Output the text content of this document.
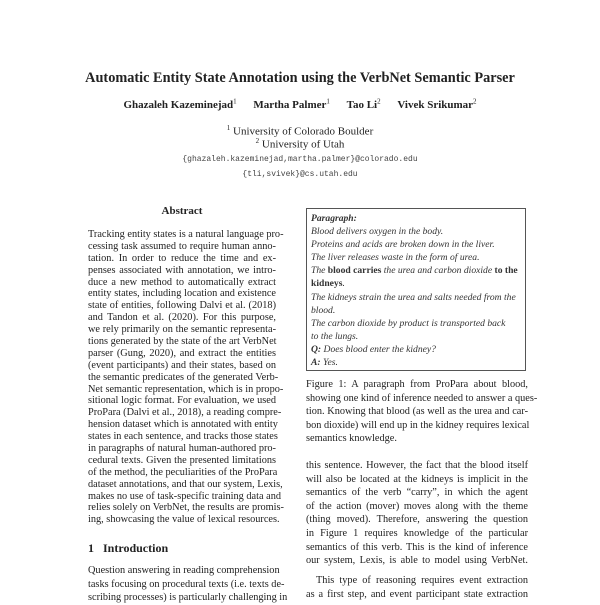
Automatic Entity State Annotation using the VerbNet Semantic Parser
Ghazaleh Kazeminejad$^1$ Martha Palmer$^1$ Tao Li$^2$ Vivek Srikumar$^2$
$^1$ University of Colorado Boulder
$^2$ University of Utah
{ghazaleh.kazeminejad,martha.palmer}@colorado.edu
{tli,svivek}@cs.utah.edu
Abstract
Tracking entity states is a natural language pro-
cessing task assumed to require human anno-
tation. In order to reduce the time and ex-
penses associated with annotation, we intro-
duce a new method to automatically extract
entity states, including location and existence
state of entities, following Dalvi et al. (2018)
and Tandon et al. (2020). For this purpose,
we rely primarily on the semantic representa-
tions generated by the state of the art VerbNet
parser (Gung, 2020), and extract the entities
(event participants) and their states, based on
the semantic predicates of the generated Verb-
Net semantic representation, which is in propo-
sitional logic format. For evaluation, we used
ProPara (Dalvi et al., 2018), a reading compre-
hension dataset which is annotated with entity
states in each sentence, and tracks those states
in paragraphs of natural human-authored pro-
cedural texts. Given the presented limitations
of the method, the peculiarities of the ProPara
dataset annotations, and that our system, Lexis,
makes no use of task-specific training data and
relies solely on VerbNet, the results are promis-
ing, showcasing the value of lexical resources.
1 Introduction
Question answering in reading comprehension
tasks focusing on procedural texts (i.e. texts de-
scribing processes) is particularly challenging in
Paragraph:
Blood delivers oxygen in the body.
Proteins and acids are broken down in the liver.
The liver releases waste in the form of urea.
The blood carries the urea and carbon dioxide to the
kidneys.
The kidneys strain the urea and salts needed from the
blood.
The carbon dioxide by product is transported back
to the lungs.
Q: Does blood enter the kidney?
A: Yes.
Figure 1: A paragraph from ProPara about blood,
showing one kind of inference needed to answer a ques-
tion. Knowing that blood (as well as the urea and car-
bon dioxide) will end up in the kidney requires lexical
semantics knowledge.
this sentence. However, the fact that the blood itself
will also be located at the kidneys is implicit in the
semantics of the verb “carry”, in which the agent
of the action (mover) moves along with the theme
(thing moved). Therefore, answering the question
in Figure 1 requires knowledge of the particular
semantics of this verb. This is the kind of inference
our system, Lexis, is able to model using VerbNet.
This type of reasoning requires event extraction
as a first step, and event participant state extraction
